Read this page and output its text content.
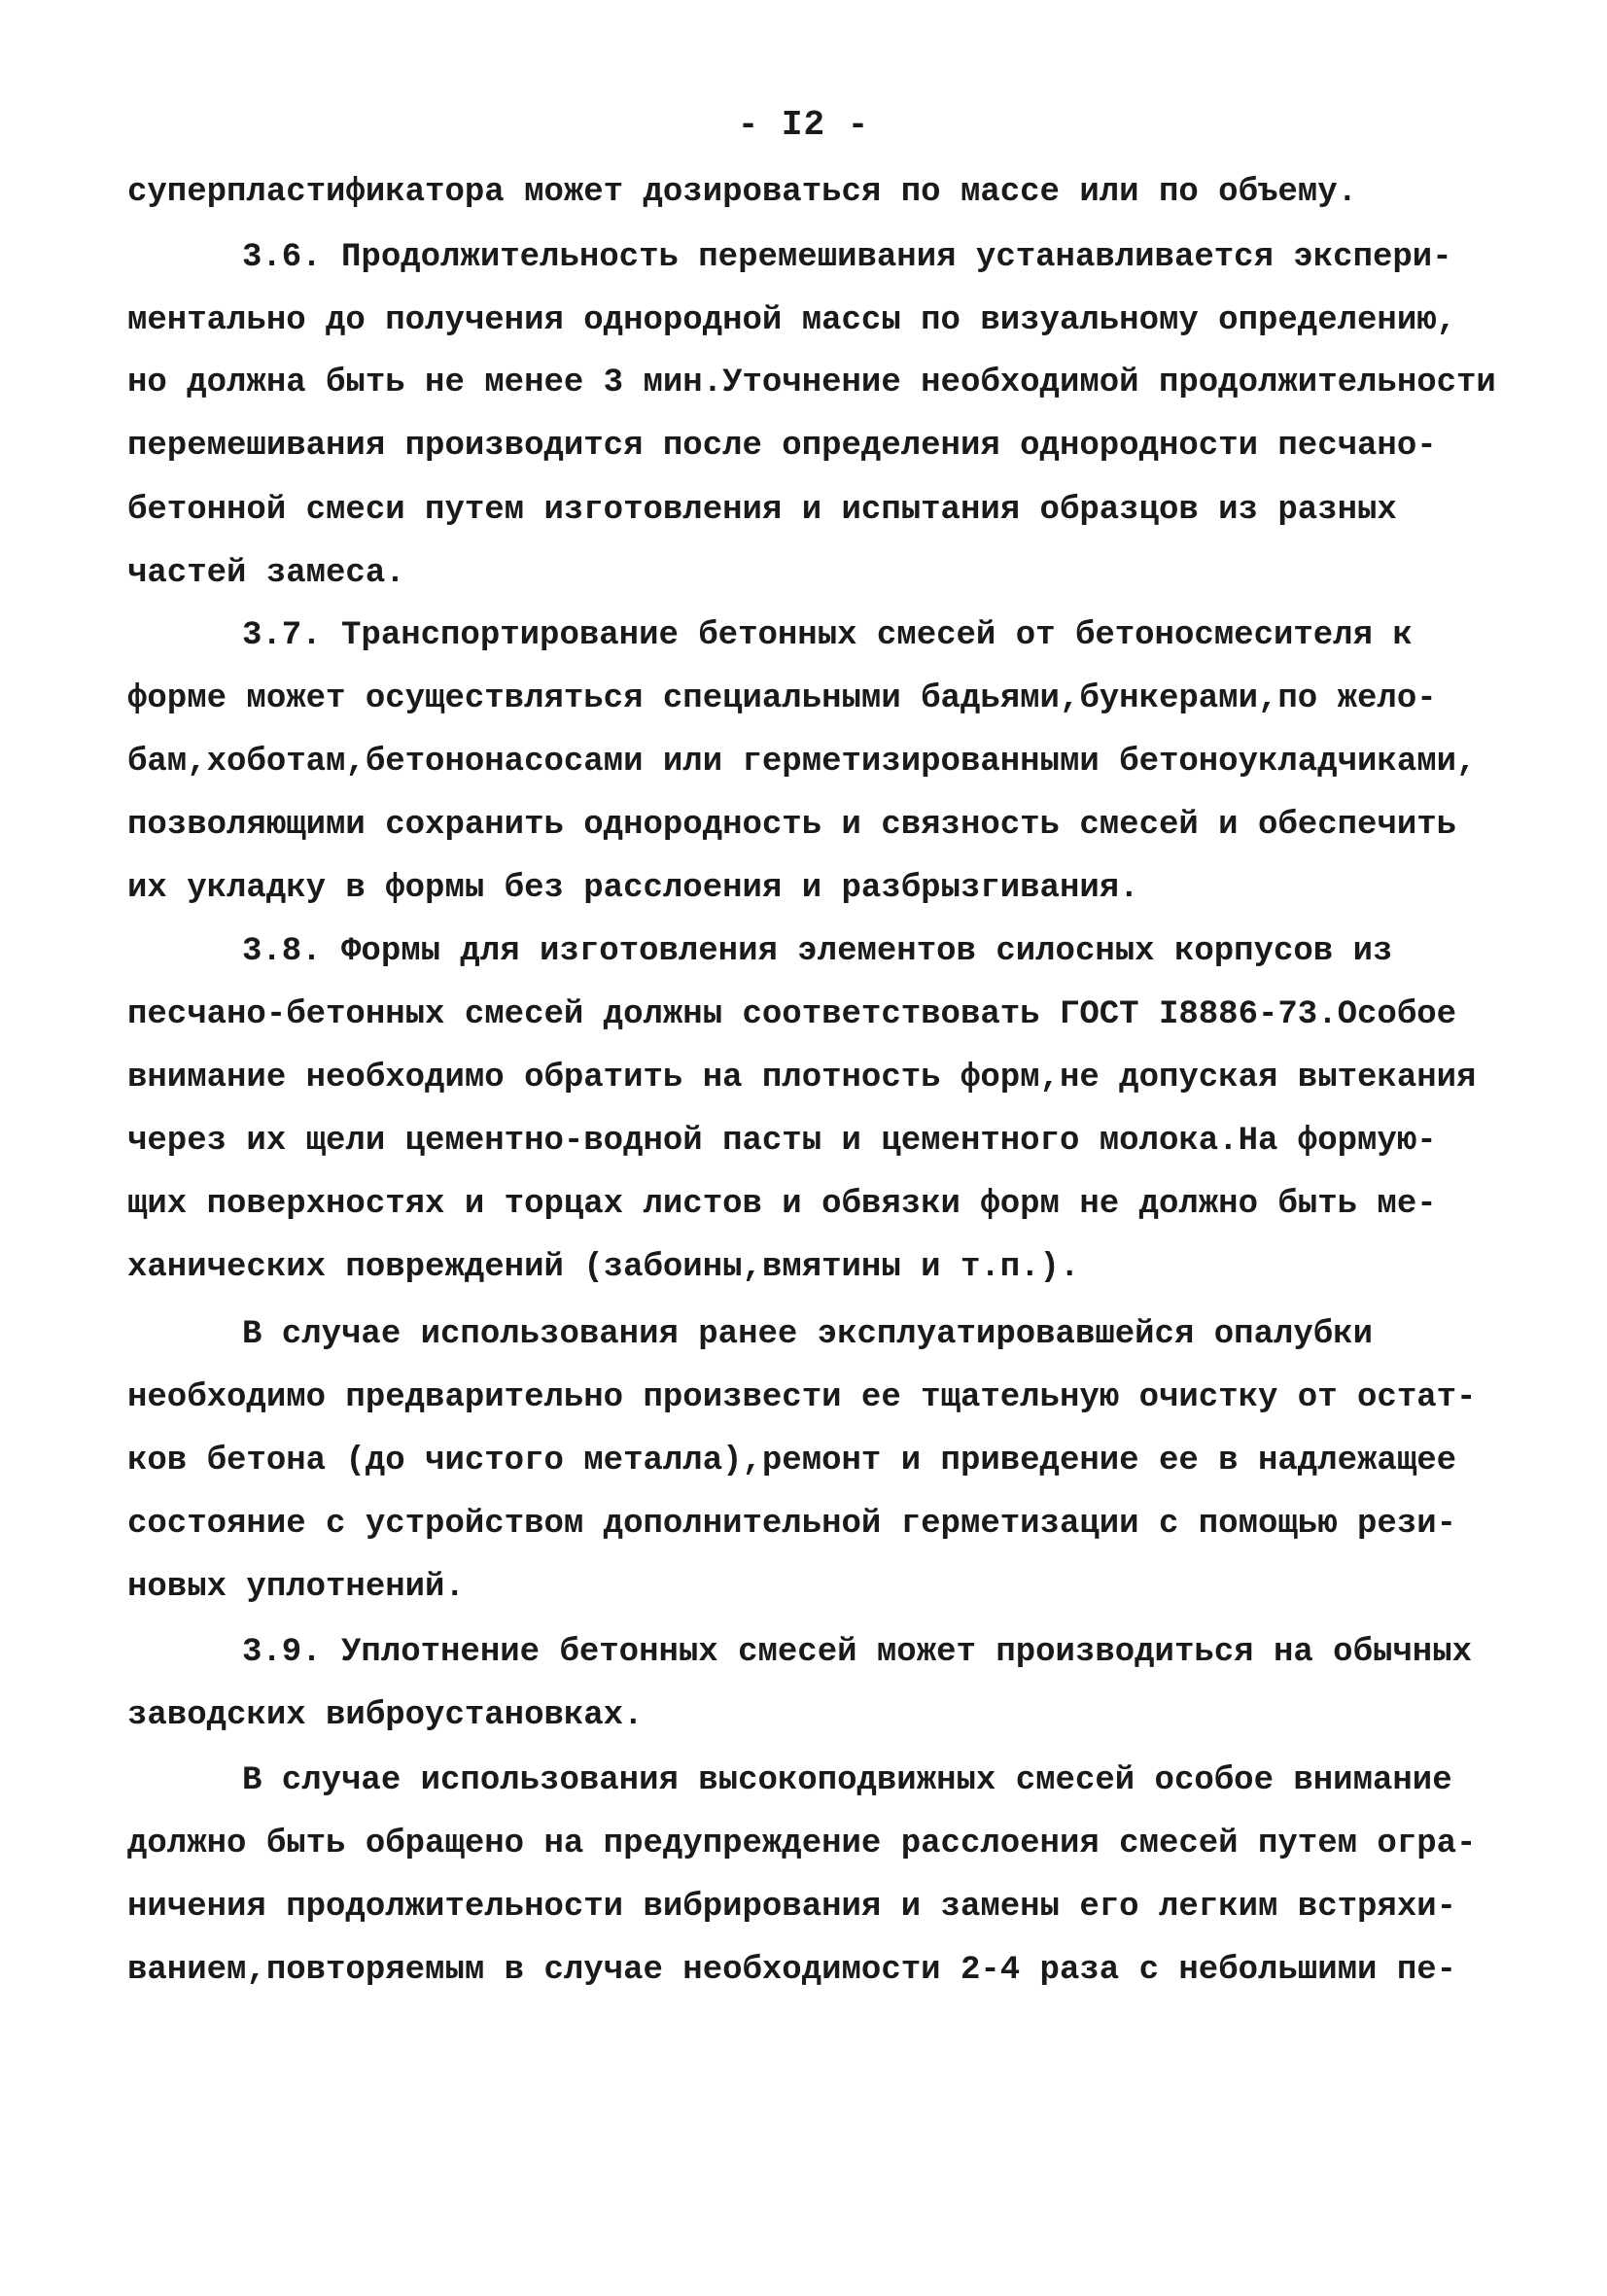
- I2 -
суперпластификатора может дозироваться по массе или по объему.
3.6. Продолжительность перемешивания устанавливается экспери-
ментально до получения однородной массы по визуальному определению,
но должна быть не менее 3 мин.Уточнение необходимой продолжительности
перемешивания производится после определения однородности песчано-
бетонной смеси путем изготовления и испытания образцов из разных
частей замеса.
3.7. Транспортирование бетонных смесей от бетоносмесителя к
форме может осуществляться специальными бадьями,бункерами,по жело-
бам,хоботам,бетононасосами или герметизированными бетоноукладчиками,
позволяющими сохранить однородность и связность смесей и обеспечить
их укладку в формы без расслоения и разбрызгивания.
3.8. Формы для изготовления элементов силосных корпусов из
песчано-бетонных смесей должны соответствовать ГОСТ I8886-73.Особое
внимание необходимо обратить на плотность форм,не допуская вытекания
через их щели цементно-водной пасты и цементного молока.На формую-
щих поверхностях и торцах листов и обвязки форм не должно быть ме-
ханических повреждений (забоины,вмятины и т.п.).
В случае использования ранее эксплуатировавшейся опалубки
необходимо предварительно произвести ее тщательную очистку от остат-
ков бетона (до чистого металла),ремонт и приведение ее в надлежащее
состояние с устройством дополнительной герметизации с помощью рези-
новых уплотнений.
3.9. Уплотнение бетонных смесей может производиться на обычных
заводских виброустановках.
В случае использования высокоподвижных смесей особое внимание
должно быть обращено на предупреждение расслоения смесей путем огра-
ничения продолжительности вибрирования и замены его легким встряхи-
ванием,повторяемым в случае необходимости 2-4 раза с небольшими пе-
